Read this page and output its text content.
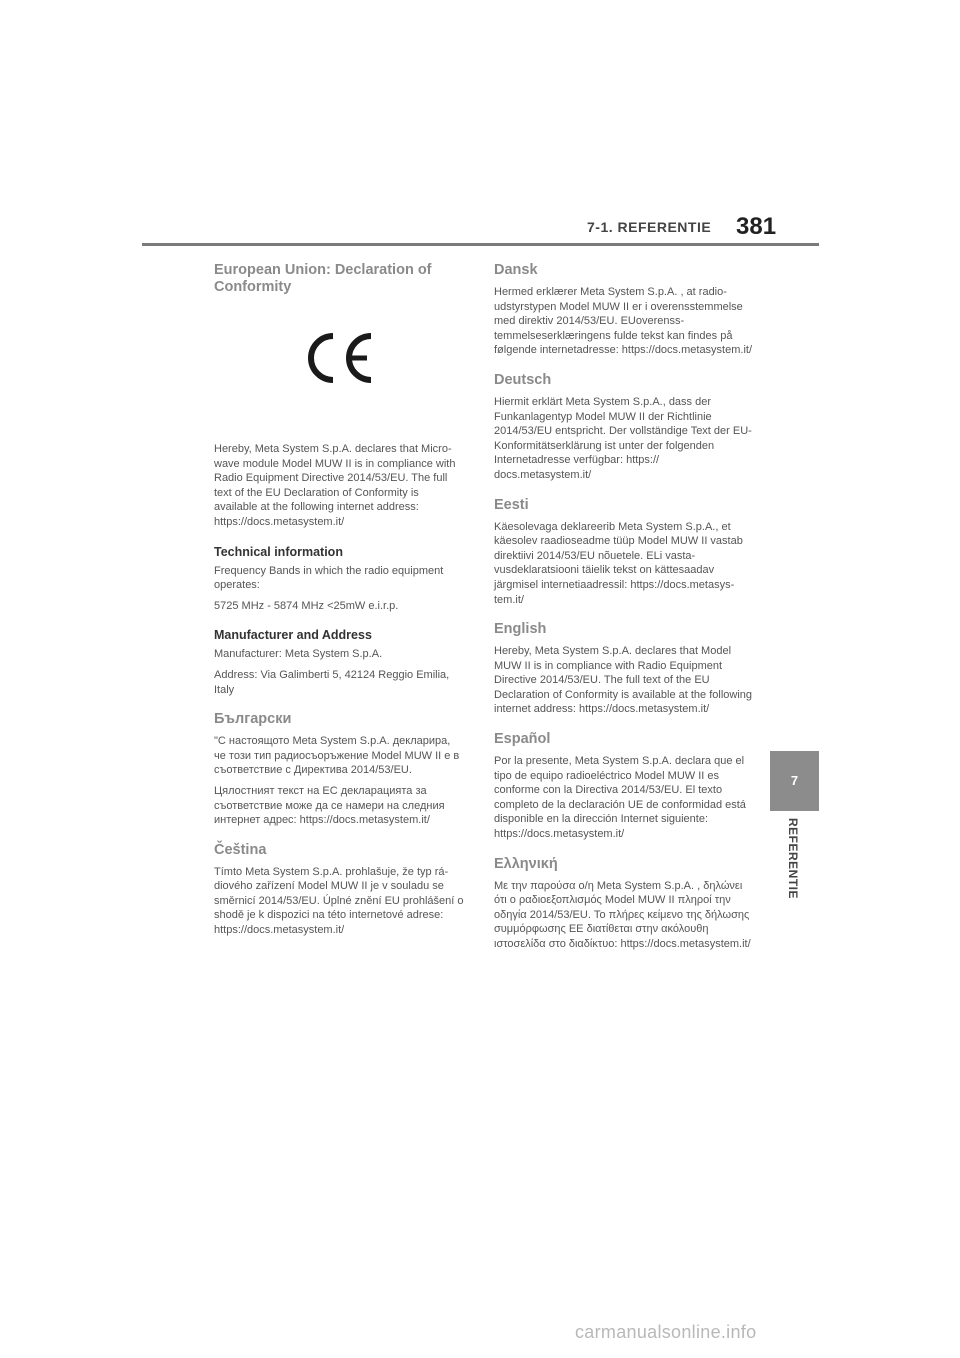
7-1. REFERENTIE 381
European Union: Declaration of Conformity

Hereby, Meta System S.p.A. declares that Microwave module Model MUW II is in compliance with Radio Equipment Directive 2014/53/EU. The full text of the EU Declaration of Conformity is available at the following internet address: https://docs.metasystem.it/

Technical information

Frequency Bands in which the radio equipment operates:

5725 MHz - 5874 MHz <25mW e.i.r.p.

Manufacturer and Address

Manufacturer: Meta System S.p.A.

Address: Via Galimberti 5, 42124 Reggio Emilia, Italy

Български

"С настоящото Meta System S.p.A. декларира, че този тип радиосъоръжение Model MUW II е в съответствие с Директива 2014/53/EU.

Цялостният текст на ЕС декларацията за съответствие може да се намери на следния интернет адрес: https://docs.metasystem.it/

Čeština

Tímto Meta System S.p.A. prohlašuje, že typ rádiového zařízení Model MUW II je v souladu se směrnicí 2014/53/EU. Úplné znění EU prohlášení o shodě je k dispozici na této internetové adrese: https://docs.metasystem.it/

Dansk

Hermed erklærer Meta System S.p.A. , at radioudstyrstypen Model MUW II er i overensstemmelse med direktiv 2014/53/EU. EUoverensstemmelseserklæringens fulde tekst kan findes på følgende internetadresse: https://docs.metasystem.it/

Deutsch

Hiermit erklärt Meta System S.p.A., dass der Funkanlagentyp Model MUW II der Richtlinie 2014/53/EU entspricht. Der vollständige Text der EU-Konformitätserklärung ist unter der folgenden Internetadresse verfügbar: https:// docs.metasystem.it/

Eesti

Käesolevaga deklareerib Meta System S.p.A., et käesolev raadioseadme tüüp Model MUW II vastab direktiivi 2014/53/EU nõuetele. ELi vastavusdeklaratsiooni täielik tekst on kättesaadav järgmisel internetiaadressil: https://docs.metasystem.it/

English

Hereby, Meta System S.p.A. declares that Model MUW II is in compliance with Radio Equipment Directive 2014/53/EU. The full text of the EU Declaration of Conformity is available at the following internet address: https://docs.metasystem.it/

Español

Por la presente, Meta System S.p.A. declara que el tipo de equipo radioeléctrico Model MUW II es conforme con la Directiva 2014/53/EU. El texto completo de la declaración UE de conformidad está disponible en la dirección Internet siguiente: https://docs.metasystem.it/

Ελληνική

Με την παρούσα ο/η Meta System S.p.A. , δηλώνει ότι ο ραδιοεξοπλισμός Model MUW II πληροί την οδηγία 2014/53/EU. Το πλήρες κείμενο της δήλωσης συμμόρφωσης ΕΕ διατίθεται στην ακόλουθη ιστοσελίδα στο διαδίκτυο: https://docs.metasystem.it/

7
REFERENTIE
carmanualsonline.info
